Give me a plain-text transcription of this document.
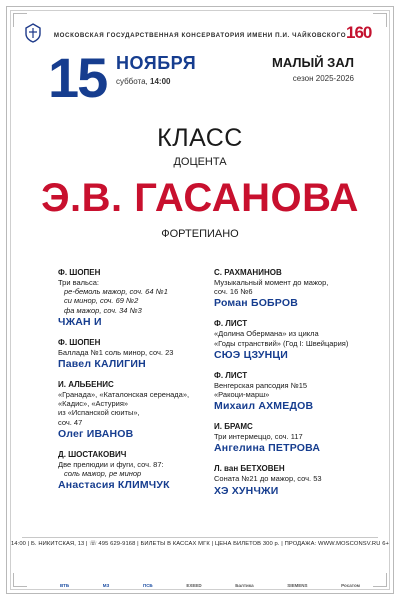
160
МОСКОВСКАЯ ГОСУДАРСТВЕННАЯ КОНСЕРВАТОРИЯ ИМЕНИ П.И. ЧАЙКОВСКОГО
15 НОЯБРЯ
суббота, 14:00
МАЛЫЙ ЗАЛ
сезон 2025-2026
КЛАСС
ДОЦЕНТА
Э.В. ГАСАНОВА
ФОРТЕПИАНО
Ф. ШОПЕН
Три вальса:
ре-бемоль мажор, соч. 64 №1
си минор, соч. 69 №2
фа мажор, соч. 34 №3
ЧЖАН И
Ф. ШОПЕН
Баллада №1 соль минор, соч. 23
Павел КАЛИГИН
И. АЛЬБЕНИС
«Гранада», «Каталонская серенада»,
«Кадис», «Астурия»
из «Испанской сюиты»,
соч. 47
Олег ИВАНОВ
Д. ШОСТАКОВИЧ
Две прелюдии и фуги, соч. 87:
соль мажор, ре минор
Анастасия КЛИМЧУК
С. РАХМАНИНОВ
Музыкальный момент до мажор,
соч. 16 №6
Роман БОБРОВ
Ф. ЛИСТ
«Долина Обермана» из цикла
«Годы странствий» (Год I: Швейцария)
СЮЭ ЦЗУНЦИ
Ф. ЛИСТ
Венгерская рапсодия №15
«Ракоци-марш»
Михаил АХМЕДОВ
И. БРАМС
Три интермеццо, соч. 117
Ангелина ПЕТРОВА
Л. ван БЕТХОВЕН
Соната №21 до мажор, соч. 53
ХЭ ХУНЧЖИ
14:00 | Б. НИКИТСКАЯ, 13 | ☏ 495 629-9168 | БИЛЕТЫ В КАССАХ МГК | ЦЕНА БИЛЕТОВ 300 р. | ПРОДАЖА: WWW.MOSCONSV.RU 6+
ВТБ	МЗ	ПСБ	EXEED	Балтика	SIEMENS	Росатом
